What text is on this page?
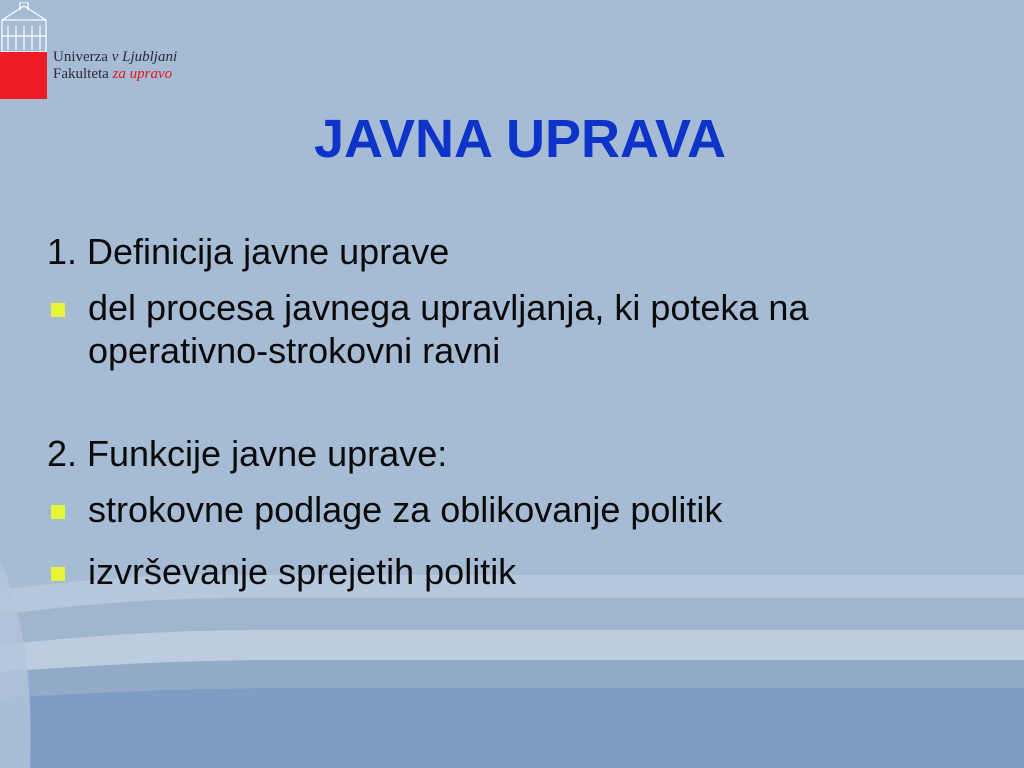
Univerza v Ljubljani
Fakulteta za upravo
JAVNA UPRAVA

1. Definicija javne uprave

del procesa javnega upravljanja, ki poteka na operativno-strokovni ravni

2. Funkcije javne uprave:

strokovne podlage za oblikovanje politik
izvrševanje sprejetih politik
